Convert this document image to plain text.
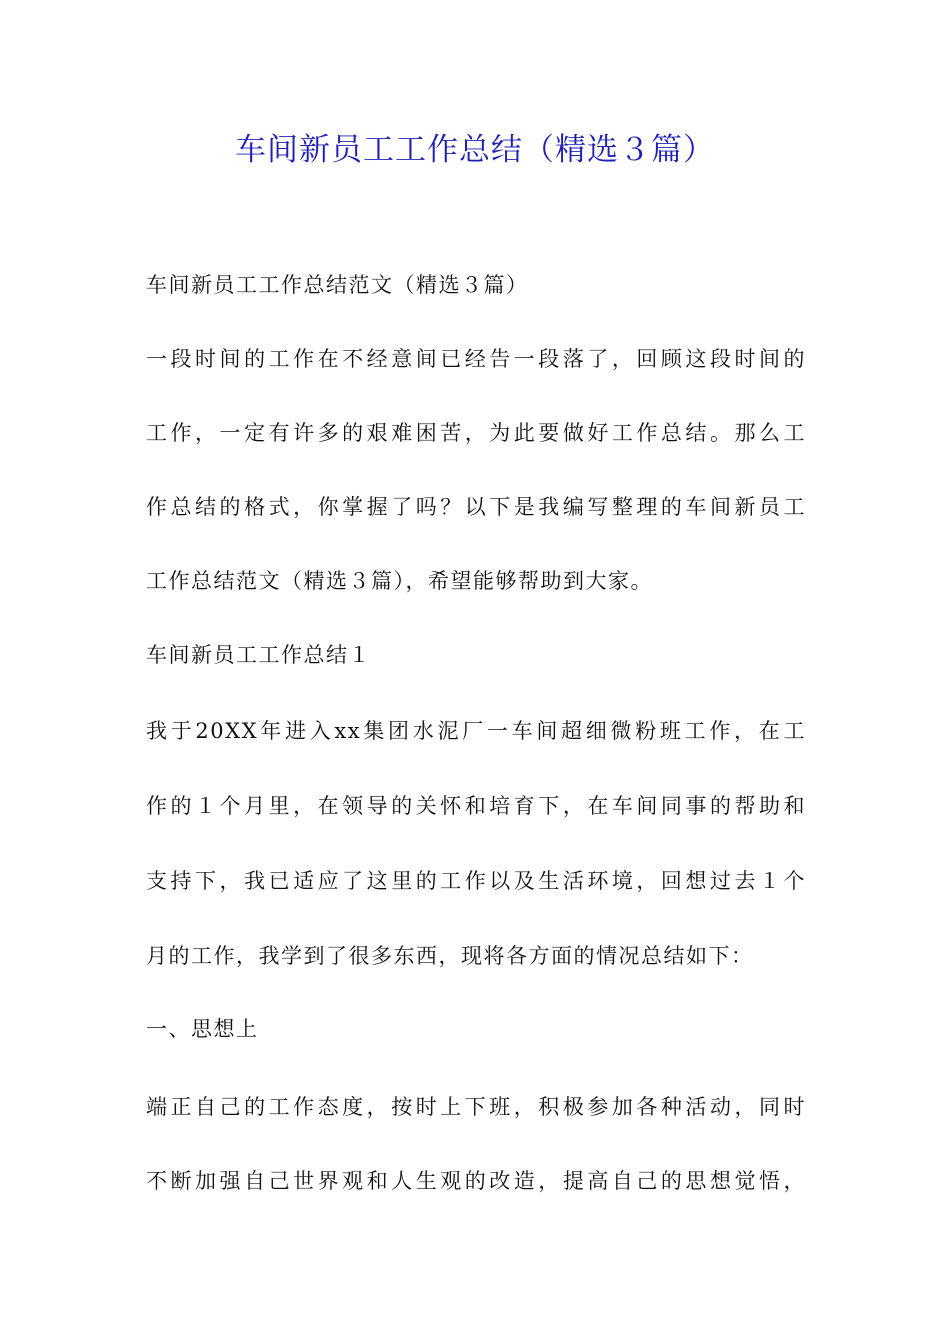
车间新员工工作总结（精选３篇）
车间新员工工作总结范文（精选３篇）
一段时间的工作在不经意间已经告一段落了，回顾这段时间的
工作，一定有许多的艰难困苦，为此要做好工作总结。那么工
作总结的格式，你掌握了吗？以下是我编写整理的车间新员工
工作总结范文（精选３篇），希望能够帮助到大家。
车间新员工工作总结１
我于20XX年进入xx集团水泥厂一车间超细微粉班工作，在工
作的１个月里，在领导的关怀和培育下，在车间同事的帮助和
支持下，我已适应了这里的工作以及生活环境，回想过去１个
月的工作，我学到了很多东西，现将各方面的情况总结如下：
一、思想上
端正自己的工作态度，按时上下班，积极参加各种活动，同时
不断加强自己世界观和人生观的改造，提高自己的思想觉悟，
